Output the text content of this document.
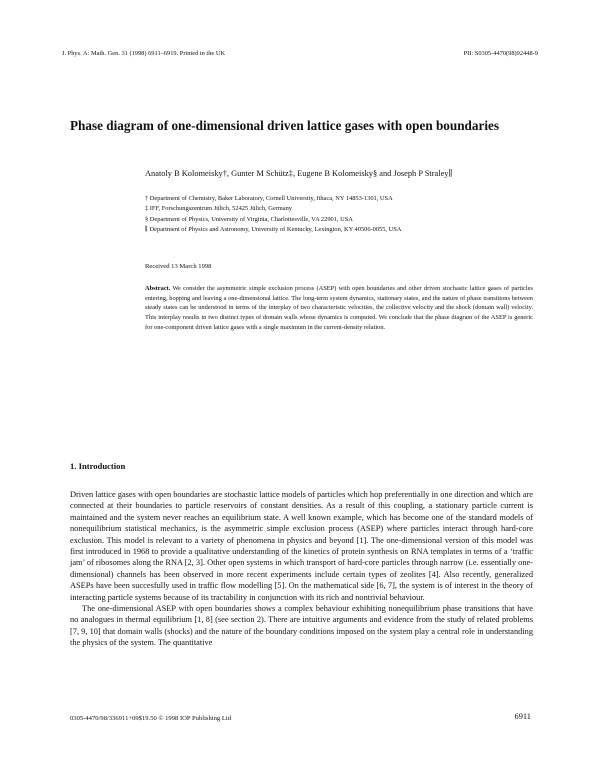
J. Phys. A: Math. Gen. 31 (1998) 6911–6919. Printed in the UK	PII: S0305-4470(98)92448-9
Phase diagram of one-dimensional driven lattice gases with open boundaries
Anatoly B Kolomeisky†, Gunter M Schütz‡, Eugene B Kolomeisky§ and Joseph P Straley∥
† Department of Chemistry, Baker Laboratory, Cornell University, Ithaca, NY 14853-1301, USA
‡ IFF, Forschungszentrum Jülich, 52425 Jülich, Germany
§ Department of Physics, University of Virginia, Charlottesville, VA 22901, USA
∥ Department of Physics and Astronomy, University of Kentucky, Lexington, KY 40506-0055, USA
Received 13 March 1998
Abstract. We consider the asymmetric simple exclusion process (ASEP) with open boundaries and other driven stochastic lattice gases of particles entering, hopping and leaving a one-dimensional lattice. The long-term system dynamics, stationary states, and the nature of phase transitions between steady states can be understood in terms of the interplay of two characteristic velocities, the collective velocity and the shock (domain wall) velocity. This interplay results in two distinct types of domain walls whose dynamics is computed. We conclude that the phase diagram of the ASEP is generic for one-component driven lattice gases with a single maximum in the current-density relation.
1. Introduction

Driven lattice gases with open boundaries are stochastic lattice models of particles which hop preferentially in one direction and which are connected at their boundaries to particle reservoirs of constant densities. As a result of this coupling, a stationary particle current is maintained and the system never reaches an equilibrium state. A well known example, which has become one of the standard models of nonequilibrium statistical mechanics, is the asymmetric simple exclusion process (ASEP) where particles interact through hard-core exclusion. This model is relevant to a variety of phenomena in physics and beyond [1]. The one-dimensional version of this model was first introduced in 1968 to provide a qualitative understanding of the kinetics of protein synthesis on RNA templates in terms of a ‘traffic jam’ of ribosomes along the RNA [2, 3]. Other open systems in which transport of hard-core particles through narrow (i.e. essentially one-dimensional) channels has been observed in more recent experiments include certain types of zeolites [4]. Also recently, generalized ASEPs have been succesfully used in traffic flow modelling [5]. On the mathematical side [6, 7], the system is of interest in the theory of interacting particle systems because of its tractability in conjunction with its rich and nontrivial behaviour.

The one-dimensional ASEP with open boundaries shows a complex behaviour exhibiting nonequilibrium phase transitions that have no analogues in thermal equilibrium [1, 8] (see section 2). There are intuitive arguments and evidence from the study of related problems [7, 9, 10] that domain walls (shocks) and the nature of the boundary conditions imposed on the system play a central role in understanding the physics of the system. The quantitative

0305-4470/98/336911+09$19.50 © 1998 IOP Publishing Ltd	6911
